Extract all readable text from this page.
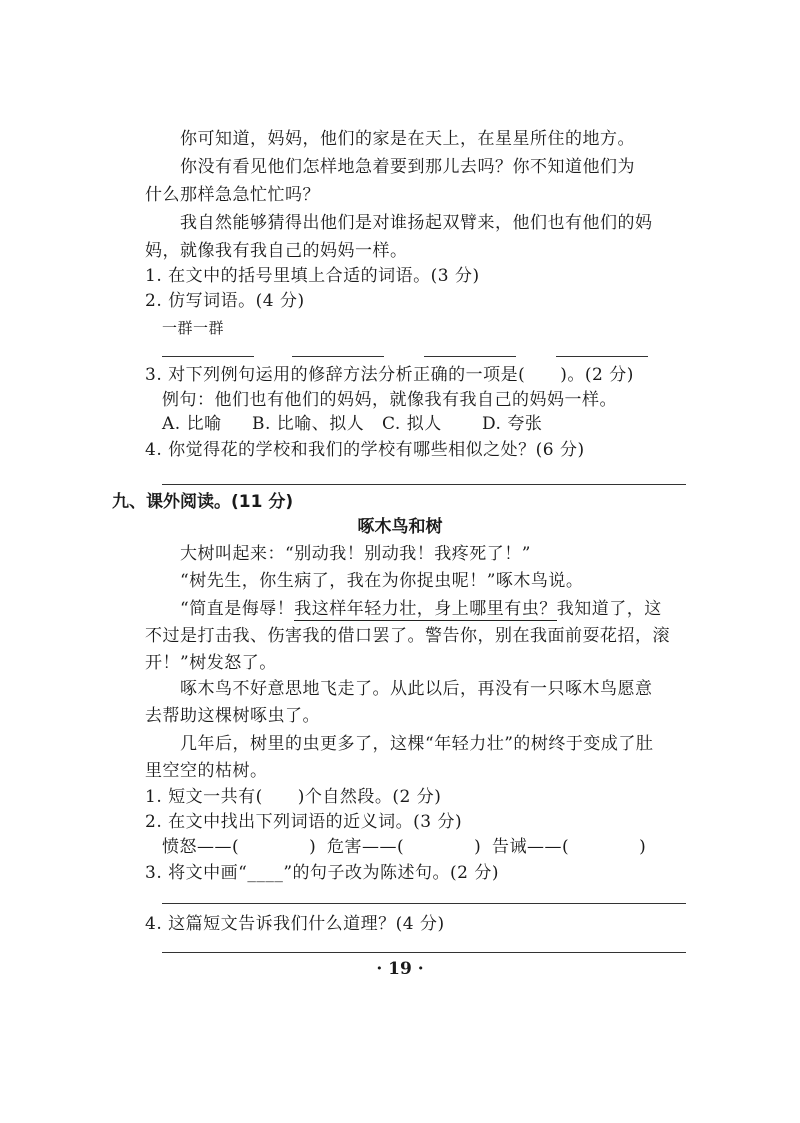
你可知道，妈妈，他们的家是在天上，在星星所住的地方。
你没有看见他们怎样地急着要到那儿去吗？你不知道他们为
什么那样急急忙忙吗？
我自然能够猜得出他们是对谁扬起双臂来，他们也有他们的妈
妈，就像我有我自己的妈妈一样。
1. 在文中的括号里填上合适的词语。(3 分)
2. 仿写词语。(4 分)
一群一群
3. 对下列例句运用的修辞方法分析正确的一项是(　　)。(2 分)
例句：他们也有他们的妈妈，就像我有我自己的妈妈一样。
A. 比喻 B. 比喻、拟人 C. 拟人 D. 夸张
4. 你觉得花的学校和我们的学校有哪些相似之处？(6 分)
九、课外阅读。(11 分)
啄木鸟和树
大树叫起来：“别动我！别动我！我疼死了！”
“树先生，你生病了，我在为你捉虫呢！”啄木鸟说。
“简直是侮辱！我这样年轻力壮，身上哪里有虫？我知道了，这
不过是打击我、伤害我的借口罢了。警告你，别在我面前耍花招，滚
开！”树发怒了。
啄木鸟不好意思地飞走了。从此以后，再没有一只啄木鸟愿意
去帮助这棵树啄虫了。
几年后，树里的虫更多了，这棵“年轻力壮”的树终于变成了肚
里空空的枯树。
1. 短文一共有(　　)个自然段。(2 分)
2. 在文中找出下列词语的近义词。(3 分)
愤怒——(　　　　) 危害——(　　　　) 告诫——(　　　　)
3. 将文中画“____”的句子改为陈述句。(2 分)
4. 这篇短文告诉我们什么道理？(4 分)
· 19 ·
